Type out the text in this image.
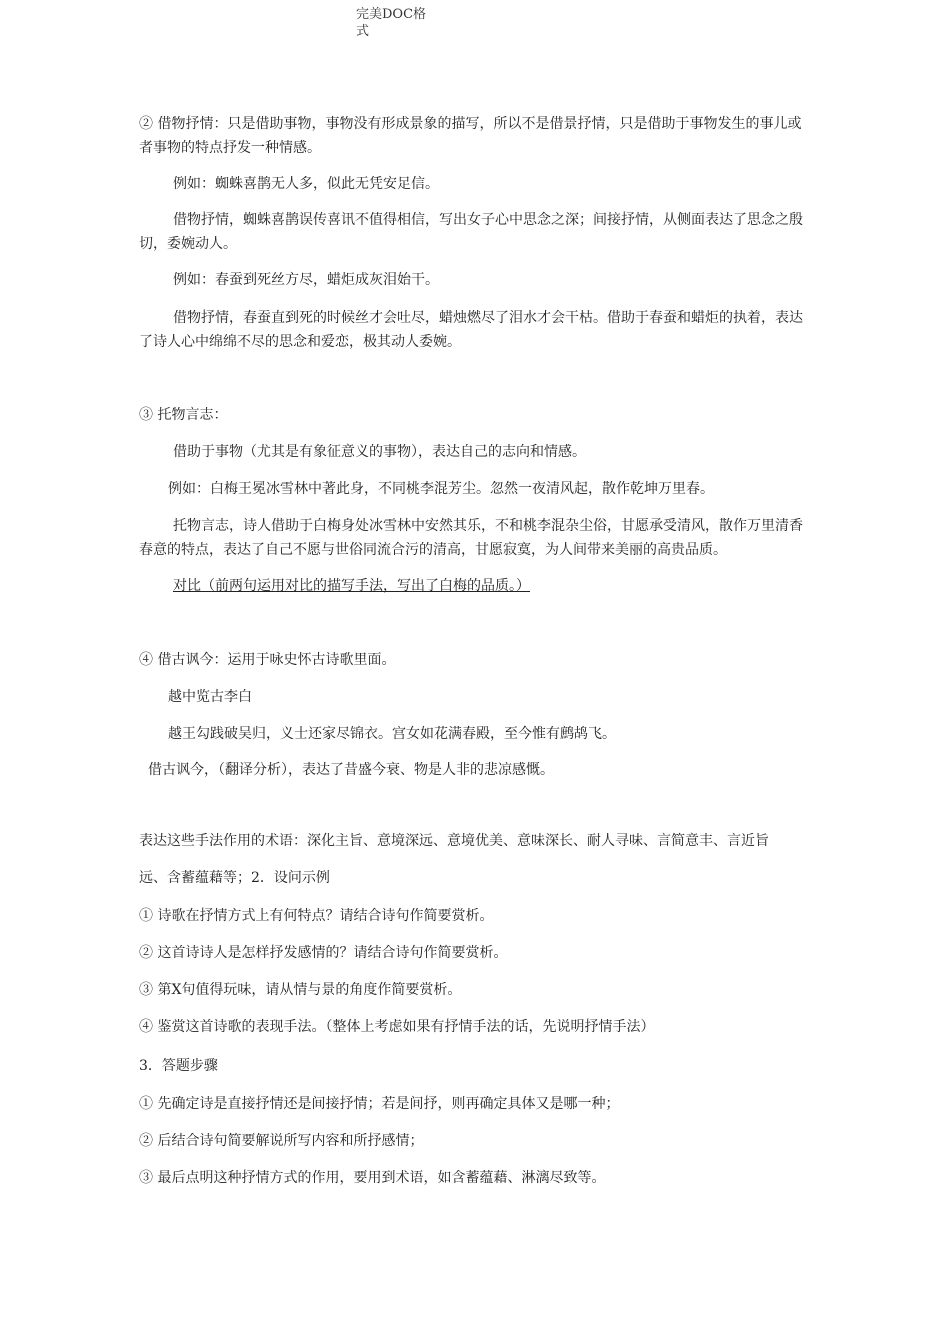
完美DOC格
式
② 借物抒情：只是借助事物，事物没有形成景象的描写，所以不是借景抒情，只是借助于事物发生的事儿或者事物的特点抒发一种情感。
例如：蜘蛛喜鹊无人多，似此无凭安足信。
借物抒情，蜘蛛喜鹊误传喜讯不值得相信，写出女子心中思念之深；间接抒情，从侧面表达了思念之殷切，委婉动人。
例如：春蚕到死丝方尽，蜡炬成灰泪始干。
借物抒情，春蚕直到死的时候丝才会吐尽，蜡烛燃尽了泪水才会干枯。借助于春蚕和蜡炬的执着，表达了诗人心中绵绵不尽的思念和爱恋，极其动人委婉。
③ 托物言志：
借助于事物（尤其是有象征意义的事物），表达自己的志向和情感。
例如：白梅王冕冰雪林中著此身，不同桃李混芳尘。忽然一夜清风起，散作乾坤万里春。
托物言志，诗人借助于白梅身处冰雪林中安然其乐，不和桃李混杂尘俗，甘愿承受清风，散作万里清香春意的特点，表达了自己不愿与世俗同流合污的清高，甘愿寂寞，为人间带来美丽的高贵品质。
对比（前两句运用对比的描写手法，写出了白梅的品质。）
④ 借古讽今：运用于咏史怀古诗歌里面。
越中览古李白
越王勾践破吴归，义士还家尽锦衣。宫女如花满春殿，至今惟有鹧鸪飞。
借古讽今，（翻译分析），表达了昔盛今衰、物是人非的悲凉感慨。
表达这些手法作用的术语：深化主旨、意境深远、意境优美、意味深长、耐人寻味、言简意丰、言近旨
远、含蓄蕴藉等；2．设问示例
① 诗歌在抒情方式上有何特点？请结合诗句作简要赏析。
② 这首诗诗人是怎样抒发感情的？请结合诗句作简要赏析。
③ 第X句值得玩味，请从情与景的角度作简要赏析。
④ 鉴赏这首诗歌的表现手法。（整体上考虑如果有抒情手法的话，先说明抒情手法）
3．答题步骤
① 先确定诗是直接抒情还是间接抒情；若是间抒，则再确定具体又是哪一种；
② 后结合诗句简要解说所写内容和所抒感情；
③ 最后点明这种抒情方式的作用，要用到术语，如含蓄蕴藉、淋漓尽致等。
